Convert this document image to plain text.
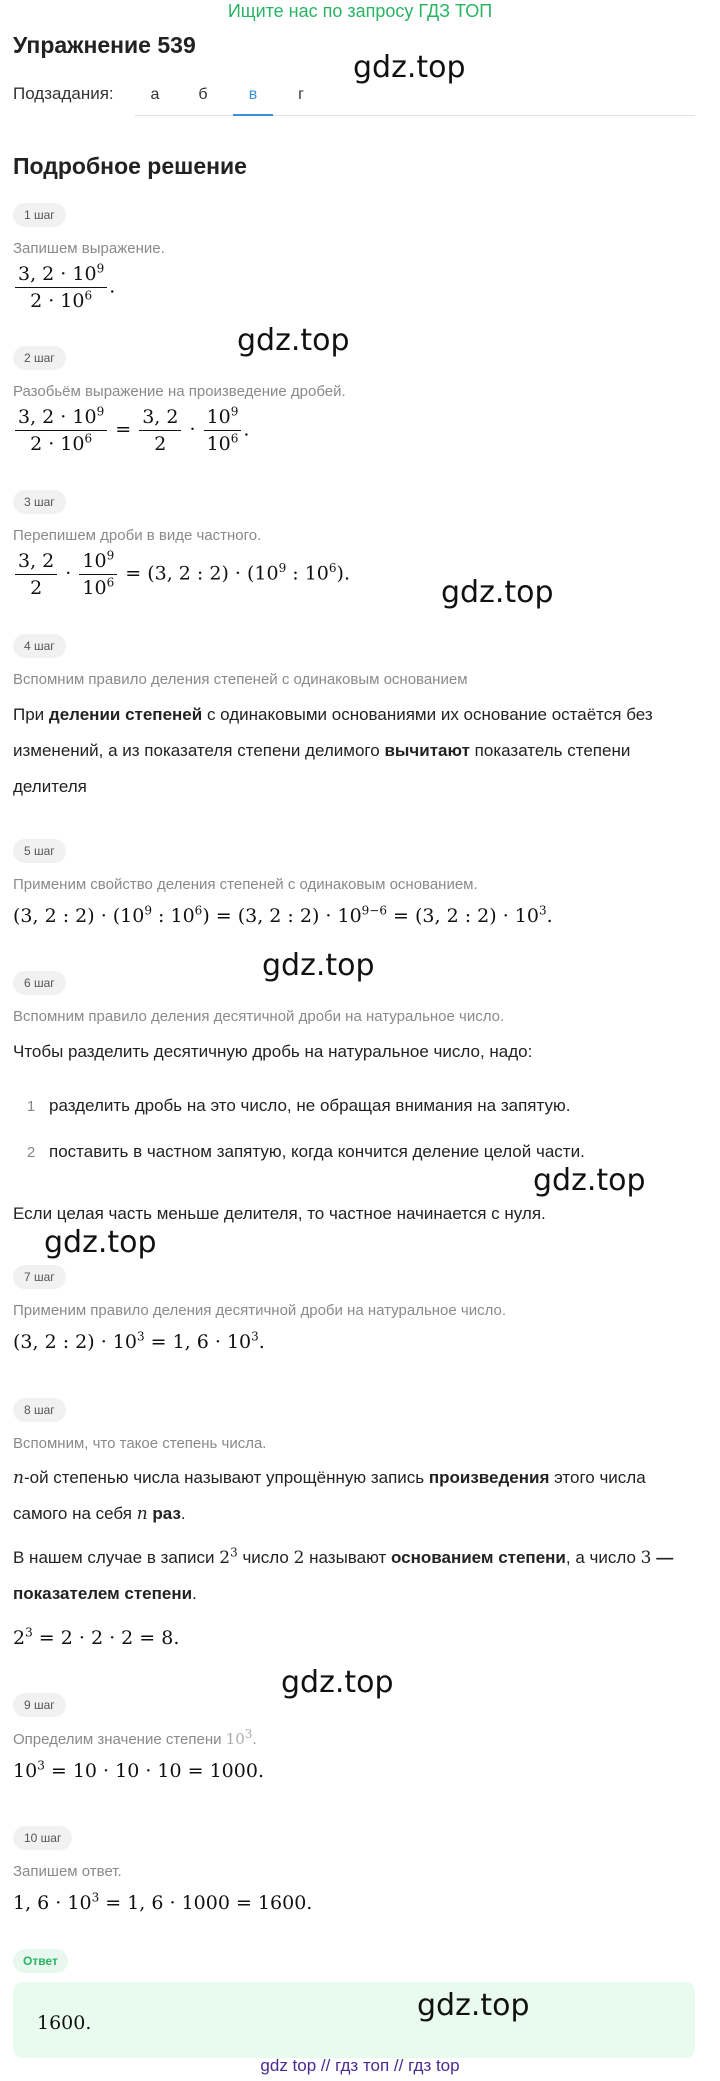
Ищите нас по запросу ГДЗ ТОП
Упражнение 539
Подзадания:	а	б	в	г
Подробное решение
1 шаг
Запишем выражение.
$\frac{3, 2 \cdot 10^9}{2 \cdot 10^6}$ .
2 шаг
Разобьём выражение на произведение дробей.
$\frac{3, 2 \cdot 10^9}{2 \cdot 10^6} = \frac{3, 2}{2} \cdot \frac{10^9}{10^6}$ .
3 шаг
Перепишем дроби в виде частного.
$\frac{3, 2}{2} \cdot \frac{10^9}{10^6} = (3$, 2 : $2) \cdot (10^9$ : $10^6$).
4 шаг
Вспомним правило деления степеней с одинаковым основанием
При делении степеней с одинаковыми основаниями их основание остаётся без изменений, а из показателя степени делимого вычитают показатель степени делителя
5 шаг
Применим свойство деления степеней с одинаковым основанием.
(3, 2 : $2) \cdot (10^9$ : $10^6) = (3$, 2 : $2) \cdot 10^{9-6} = (3$, 2 : $2) \cdot 10^3$.
6 шаг
Вспомним правило деления десятичной дроби на натуральное число.
Чтобы разделить десятичную дробь на натуральное число, надо:
1 разделить дробь на это число, не обращая внимания на запятую.
2 поставить в частном запятую, когда кончится деление целой части.
Если целая часть меньше делителя, то частное начинается с нуля.
7 шаг
Применим правило деления десятичной дроби на натуральное число.
(3, 2 : $2) \cdot 10^3 = 1$, $6 \cdot 10^3$.
8 шаг
Вспомним, что такое степень числа.
n-ой степенью числа называют упрощённую запись произведения этого числа самого на себя n раз.
В нашем случае в записи $2^3$ число 2 называют основанием степени, а число 3 — показателем степени.
$2^3 = 2 \cdot 2 \cdot 2 = 8$.
9 шаг
Определим значение степени $10^3$.
$10^3 = 10 \cdot 10 \cdot 10 = 1000$.
10 шаг
Запишем ответ.
1, $6 \cdot 10^3 = 1$, 6 · 1000 = 1600.
Ответ
1600.
gdz top // гдз топ // гдз top
gdz.top
gdz.top
gdz.top
gdz.top
gdz.top
gdz.top
gdz.top
gdz.top
